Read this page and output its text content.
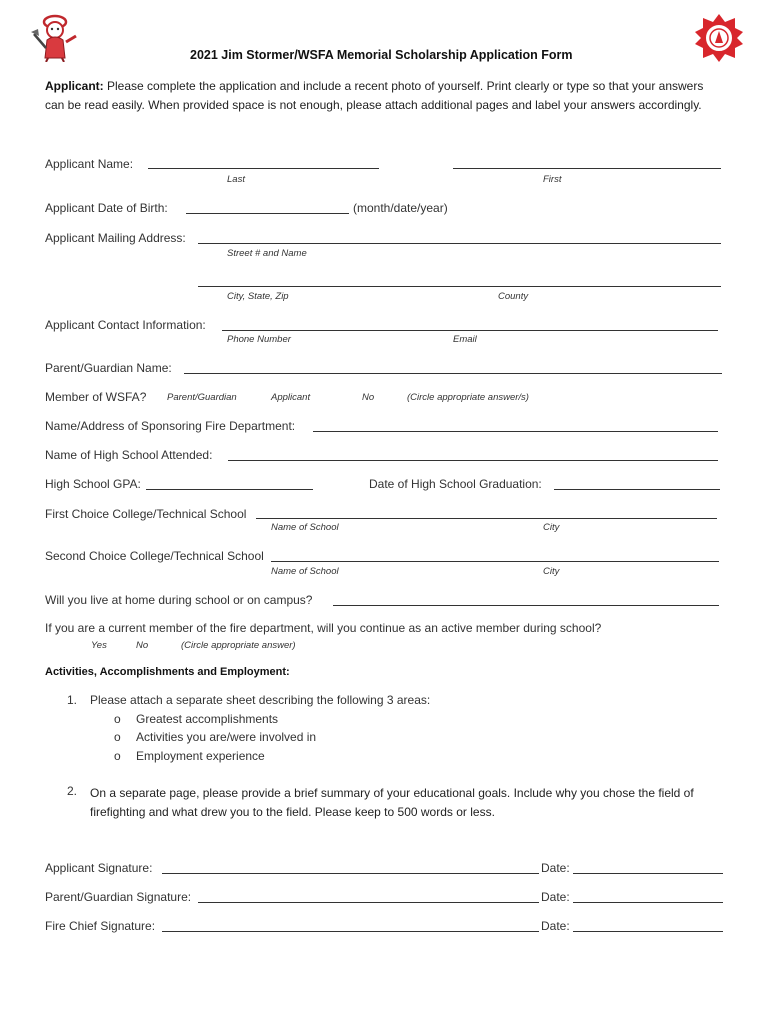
2021 Jim Stormer/WSFA Memorial Scholarship Application Form
Applicant: Please complete the application and include a recent photo of yourself. Print clearly or type so that your answers can be read easily. When provided space is not enough, please attach additional pages and label your answers accordingly.
Applicant Name:
Last	First
Applicant Date of Birth:	(month/date/year)
Applicant Mailing Address:
Street # and Name
City, State, Zip	County
Applicant Contact Information:
Phone Number	Email
Parent/Guardian Name:
Member of WSFA? Parent/Guardian	Applicant	No	(Circle appropriate answer/s)
Name/Address of Sponsoring Fire Department:
Name of High School Attended:
High School GPA:	Date of High School Graduation:
First Choice College/Technical School
Name of School	City
Second Choice College/Technical School
Name of School	City
Will you live at home during school or on campus?
If you are a current member of the fire department, will you continue as an active member during school?
Yes	No	(Circle appropriate answer)
Activities, Accomplishments and Employment:
1. Please attach a separate sheet describing the following 3 areas:
o Greatest accomplishments
o Activities you are/were involved in
o Employment experience
2. On a separate page, please provide a brief summary of your educational goals. Include why you chose the field of firefighting and what drew you to the field. Please keep to 500 words or less.
Applicant Signature:	Date:
Parent/Guardian Signature:	Date:
Fire Chief Signature:	Date:
